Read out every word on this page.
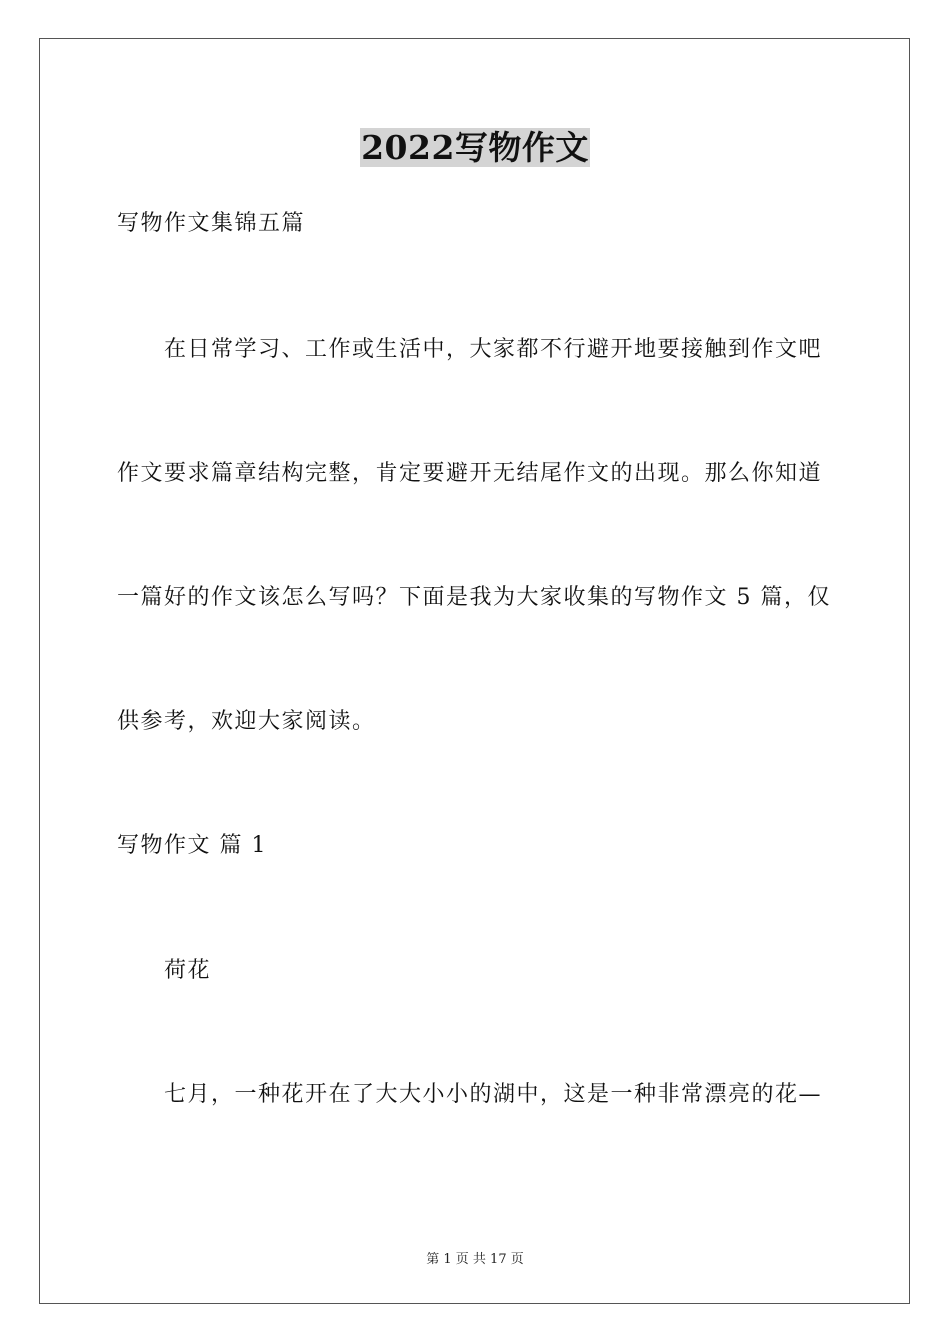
2022写物作文
写物作文集锦五篇
在日常学习、工作或生活中，大家都不行避开地要接触到作文吧
作文要求篇章结构完整，肯定要避开无结尾作文的出现。那么你知道
一篇好的作文该怎么写吗？下面是我为大家收集的写物作文 5 篇，仅
供参考，欢迎大家阅读。
写物作文 篇 1
荷花
七月，一种花开在了大大小小的湖中，这是一种非常漂亮的花—
第 1 页 共 17 页
